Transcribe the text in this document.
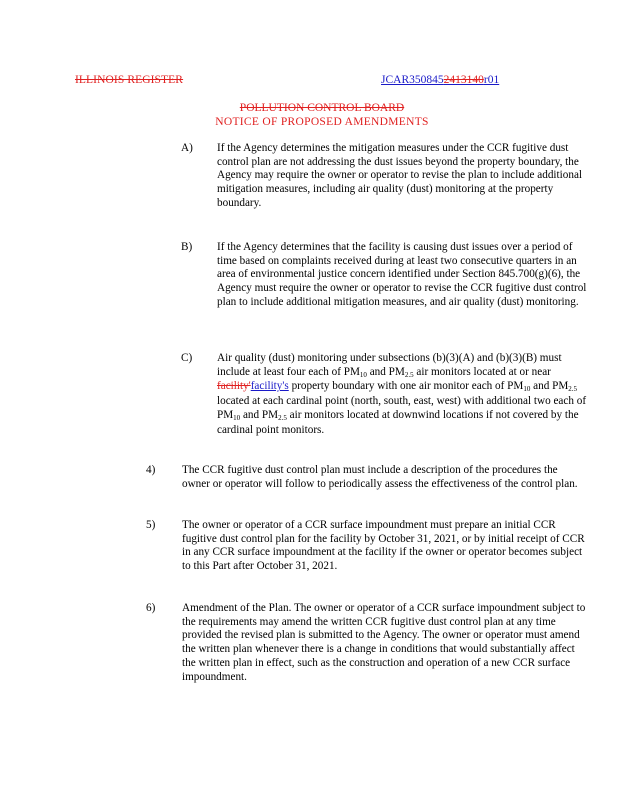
ILLINOIS REGISTER	JCAR3508452413140r01
POLLUTION CONTROL BOARD
NOTICE OF PROPOSED AMENDMENTS
A) If the Agency determines the mitigation measures under the CCR fugitive dust control plan are not addressing the dust issues beyond the property boundary, the Agency may require the owner or operator to revise the plan to include additional mitigation measures, including air quality (dust) monitoring at the property boundary.
B) If the Agency determines that the facility is causing dust issues over a period of time based on complaints received during at least two consecutive quarters in an area of environmental justice concern identified under Section 845.700(g)(6), the Agency must require the owner or operator to revise the CCR fugitive dust control plan to include additional mitigation measures, and air quality (dust) monitoring.
C) Air quality (dust) monitoring under subsections (b)(3)(A) and (b)(3)(B) must include at least four each of $PM_{10}$ and $PM_{2.5}$ air monitors located at or near facility'facility's property boundary with one air monitor each of $PM_{10}$ and $PM_{2.5}$ located at each cardinal point (north, south, east, west) with additional two each of $PM_{10}$ and $PM_{2.5}$ air monitors located at downwind locations if not covered by the cardinal point monitors.
4) The CCR fugitive dust control plan must include a description of the procedures the owner or operator will follow to periodically assess the effectiveness of the control plan.
5) The owner or operator of a CCR surface impoundment must prepare an initial CCR fugitive dust control plan for the facility by October 31, 2021, or by initial receipt of CCR in any CCR surface impoundment at the facility if the owner or operator becomes subject to this Part after October 31, 2021.
6) Amendment of the Plan. The owner or operator of a CCR surface impoundment subject to the requirements may amend the written CCR fugitive dust control plan at any time provided the revised plan is submitted to the Agency. The owner or operator must amend the written plan whenever there is a change in conditions that would substantially affect the written plan in effect, such as the construction and operation of a new CCR surface impoundment.
